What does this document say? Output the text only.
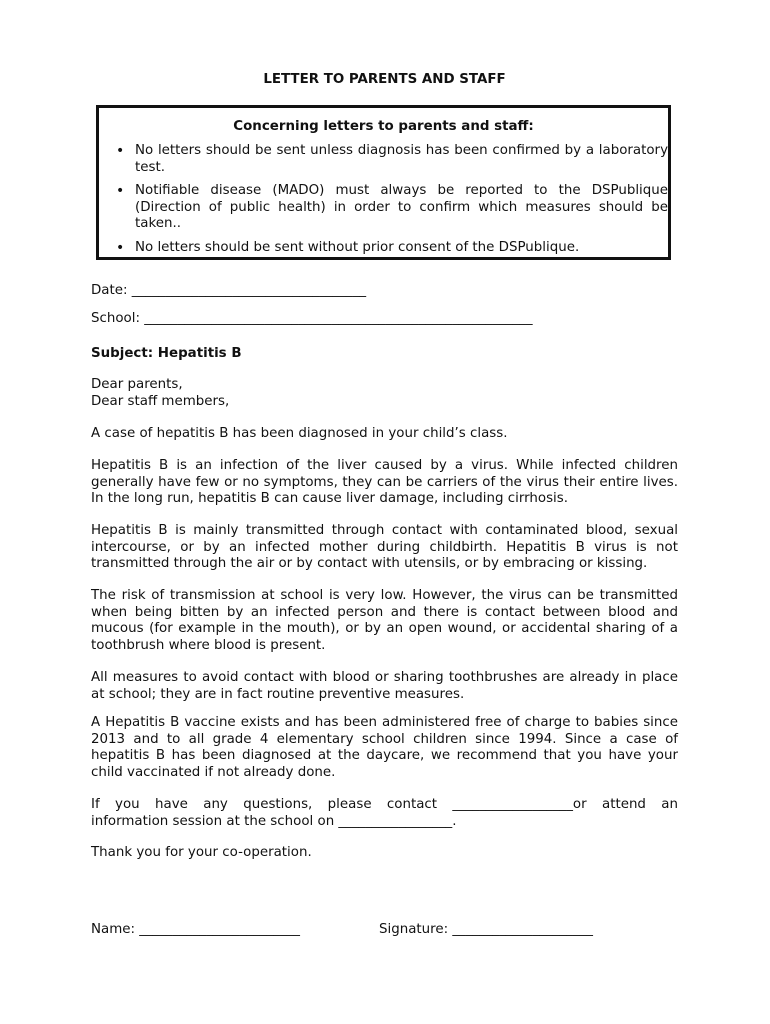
LETTER TO PARENTS AND STAFF
Concerning letters to parents and staff:
• No letters should be sent unless diagnosis has been confirmed by a laboratory test.
• Notifiable disease (MADO) must always be reported to the DSPublique (Direction of public health) in order to confirm which measures should be taken..
• No letters should be sent without prior consent of the DSPublique.
Date: ___________________________________
School: __________________________________________________________
Subject: Hepatitis B
Dear parents,
Dear staff members,
A case of hepatitis B has been diagnosed in your child’s class.
Hepatitis B is an infection of the liver caused by a virus. While infected children generally have few or no symptoms, they can be carriers of the virus their entire lives. In the long run, hepatitis B can cause liver damage, including cirrhosis.
Hepatitis B is mainly transmitted through contact with contaminated blood, sexual intercourse, or by an infected mother during childbirth. Hepatitis B virus is not transmitted through the air or by contact with utensils, or by embracing or kissing.
The risk of transmission at school is very low. However, the virus can be transmitted when being bitten by an infected person and there is contact between blood and mucous (for example in the mouth), or by an open wound, or accidental sharing of a toothbrush where blood is present.
All measures to avoid contact with blood or sharing toothbrushes are already in place at school; they are in fact routine preventive measures.
A Hepatitis B vaccine exists and has been administered free of charge to babies since 2013 and to all grade 4 elementary school children since 1994. Since a case of hepatitis B has been diagnosed at the daycare, we recommend that you have your child vaccinated if not already done.
If you have any questions, please contact __________________or attend an
information session at the school on _________________.
Thank you for your co-operation.
Name: ________________________	Signature: _____________________
